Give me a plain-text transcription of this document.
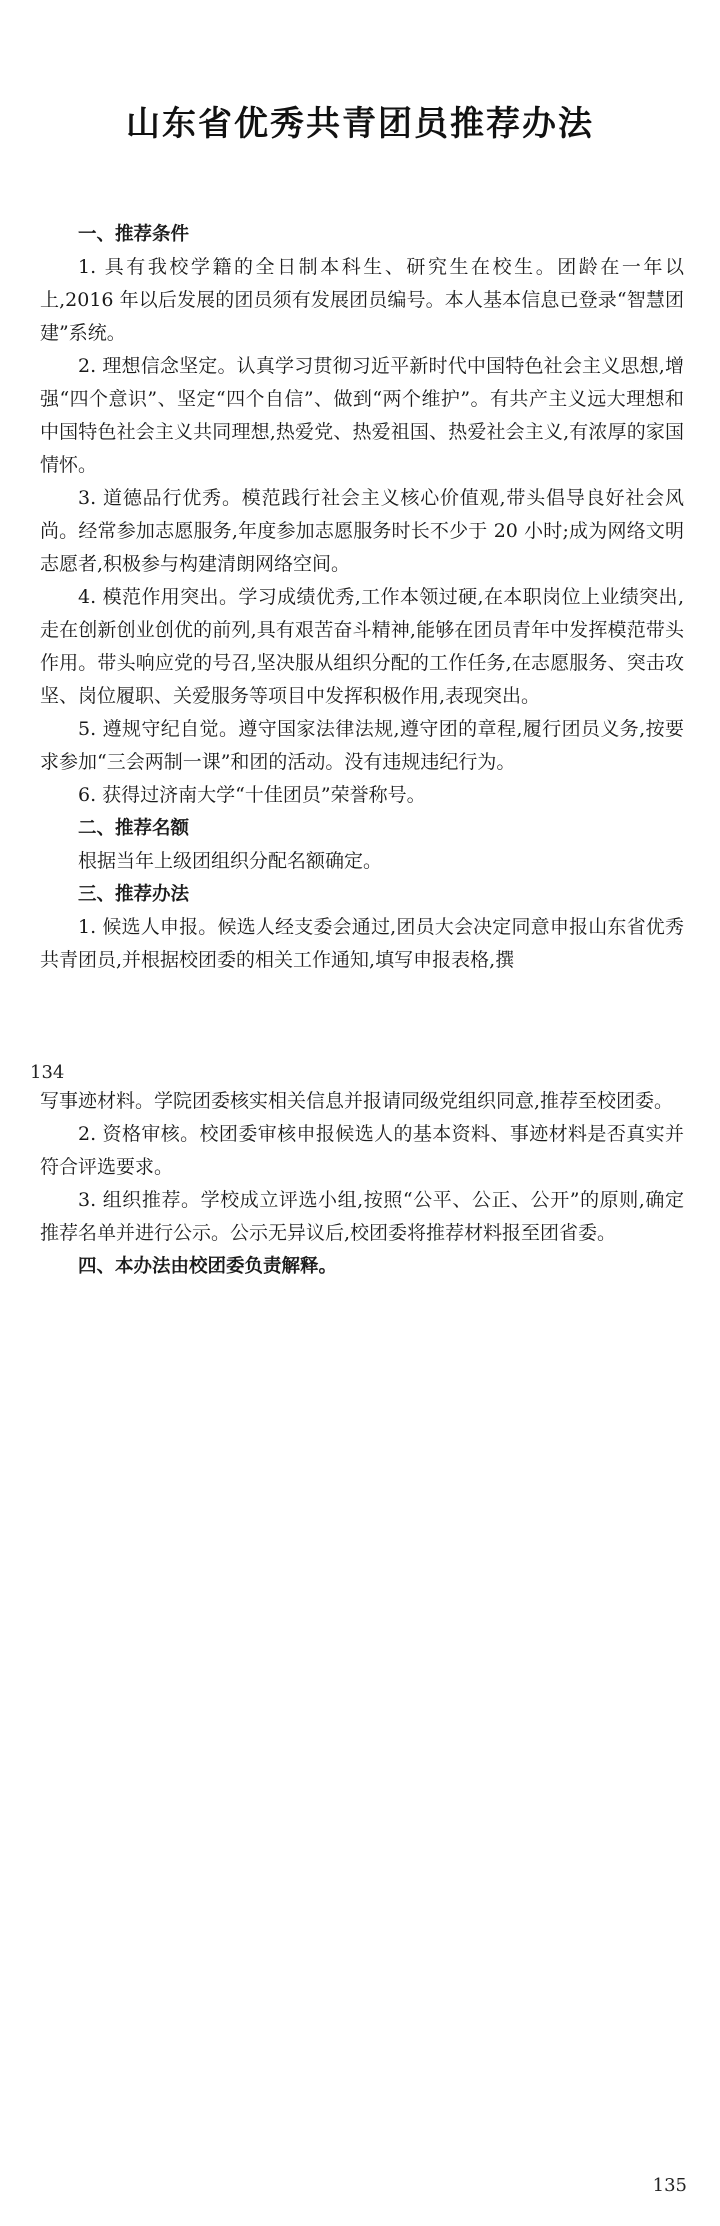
山东省优秀共青团员推荐办法

一、推荐条件

1. 具有我校学籍的全日制本科生、研究生在校生。团龄在一年以上,2016 年以后发展的团员须有发展团员编号。本人基本信息已登录“智慧团建”系统。

2. 理想信念坚定。认真学习贯彻习近平新时代中国特色社会主义思想,增强“四个意识”、坚定“四个自信”、做到“两个维护”。有共产主义远大理想和中国特色社会主义共同理想,热爱党、热爱祖国、热爱社会主义,有浓厚的家国情怀。

3. 道德品行优秀。模范践行社会主义核心价值观,带头倡导良好社会风尚。经常参加志愿服务,年度参加志愿服务时长不少于 20 小时;成为网络文明志愿者,积极参与构建清朗网络空间。

4. 模范作用突出。学习成绩优秀,工作本领过硬,在本职岗位上业绩突出,走在创新创业创优的前列,具有艰苦奋斗精神,能够在团员青年中发挥模范带头作用。带头响应党的号召,坚决服从组织分配的工作任务,在志愿服务、突击攻坚、岗位履职、关爱服务等项目中发挥积极作用,表现突出。

5. 遵规守纪自觉。遵守国家法律法规,遵守团的章程,履行团员义务,按要求参加“三会两制一课”和团的活动。没有违规违纪行为。

6. 获得过济南大学“十佳团员”荣誉称号。

二、推荐名额

根据当年上级团组织分配名额确定。

三、推荐办法

1. 候选人申报。候选人经支委会通过,团员大会决定同意申报山东省优秀共青团员,并根据校团委的相关工作通知,填写申报表格,撰

134

写事迹材料。学院团委核实相关信息并报请同级党组织同意,推荐至校团委。

2. 资格审核。校团委审核申报候选人的基本资料、事迹材料是否真实并符合评选要求。

3. 组织推荐。学校成立评选小组,按照“公平、公正、公开”的原则,确定推荐名单并进行公示。公示无异议后,校团委将推荐材料报至团省委。

四、本办法由校团委负责解释。

135
